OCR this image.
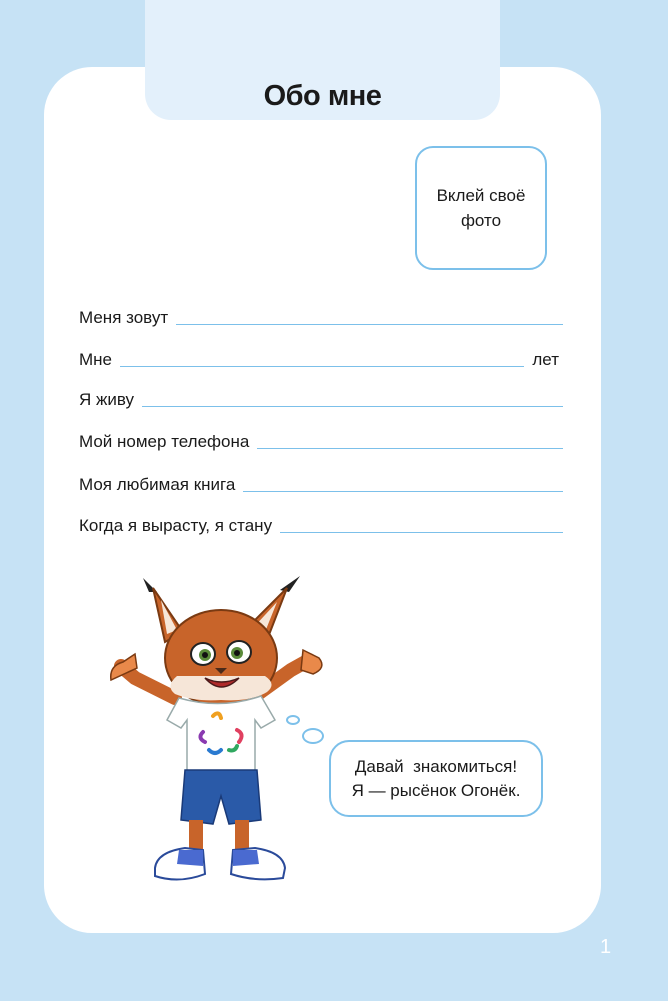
Обо мне
Вклей своё фото
Меня зовут
Мне	лет
Я живу
Мой номер телефона
Моя любимая книга
Когда я вырасту, я стану
Давай  знакомиться!
Я — рысёнок Огонёк.
1
